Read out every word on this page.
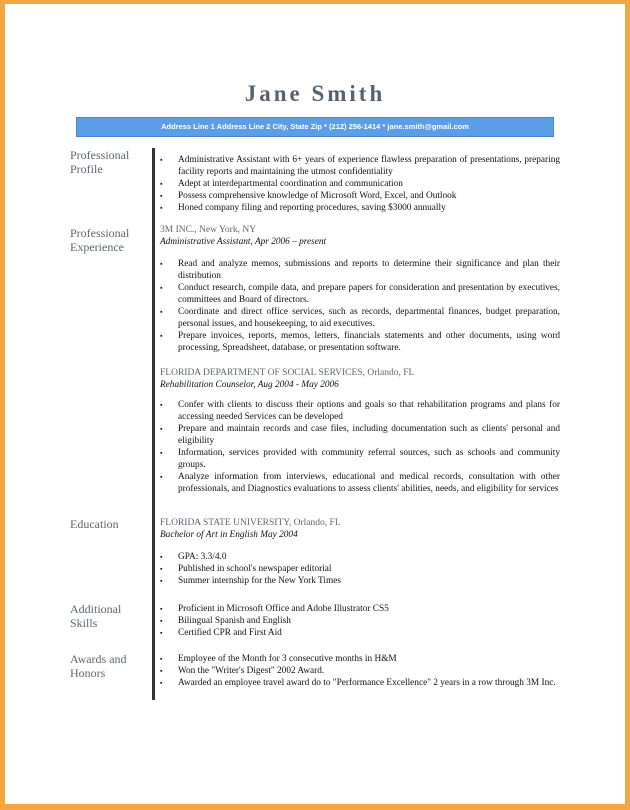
Jane Smith
Address Line 1 Address Line 2 City, State Zip * (212) 256-1414 * jane.smith@gmail.com
Professional
Profile
▪ Administrative Assistant with 6+ years of experience flawless preparation of presentations, preparing facility reports and maintaining the utmost confidentiality
▪ Adept at interdepartmental coordination and communication
▪ Possess comprehensive knowledge of Microsoft Word, Excel, and Outlook
▪ Honed company filing and reporting procedures, saving $3000 annually
Professional
Experience
3M INC., New York, NY
Administrative Assistant, Apr 2006 – present
▪ Read and analyze memos, submissions and reports to determine their significance and plan their distribution
▪ Conduct research, compile data, and prepare papers for consideration and presentation by executives, committees and Board of directors.
▪ Coordinate and direct office services, such as records, departmental finances, budget preparation, personal issues, and housekeeping, to aid executives.
▪ Prepare invoices, reports, memos, letters, financials statements and other documents, using word processing, Spreadsheet, database, or presentation software.
FLORIDA DEPARTMENT OF SOCIAL SERVICES, Orlando, FL
Rehabilitation Counselor, Aug 2004 - May 2006
▪ Confer with clients to discuss their options and goals so that rehabilitation programs and plans for accessing needed Services can be developed
▪ Prepare and maintain records and case files, including documentation such as clients' personal and eligibility
▪ Information, services provided with community referral sources, such as schools and community groups.
▪ Analyze information from interviews, educational and medical records, consultation with other professionals, and Diagnostics evaluations to assess clients' abilities, needs, and eligibility for services
Education	FLORIDA STATE UNIVERSITY, Orlando, FL
Bachelor of Art in English May 2004
▪ GPA: 3.3/4.0
▪ Published in school's newspaper editorial
▪ Summer internship for the New York Times
Additional
Skills
▪ Proficient in Microsoft Office and Adobe Illustrator CS5
▪ Bilingual Spanish and English
▪ Certified CPR and First Aid
Awards and
Honors
▪ Employee of the Month for 3 consecutive months in H&M
▪ Won the "Writer's Digest" 2002 Award.
▪ Awarded an employee travel award do to "Performance Excellence" 2 years in a row through 3M Inc.
